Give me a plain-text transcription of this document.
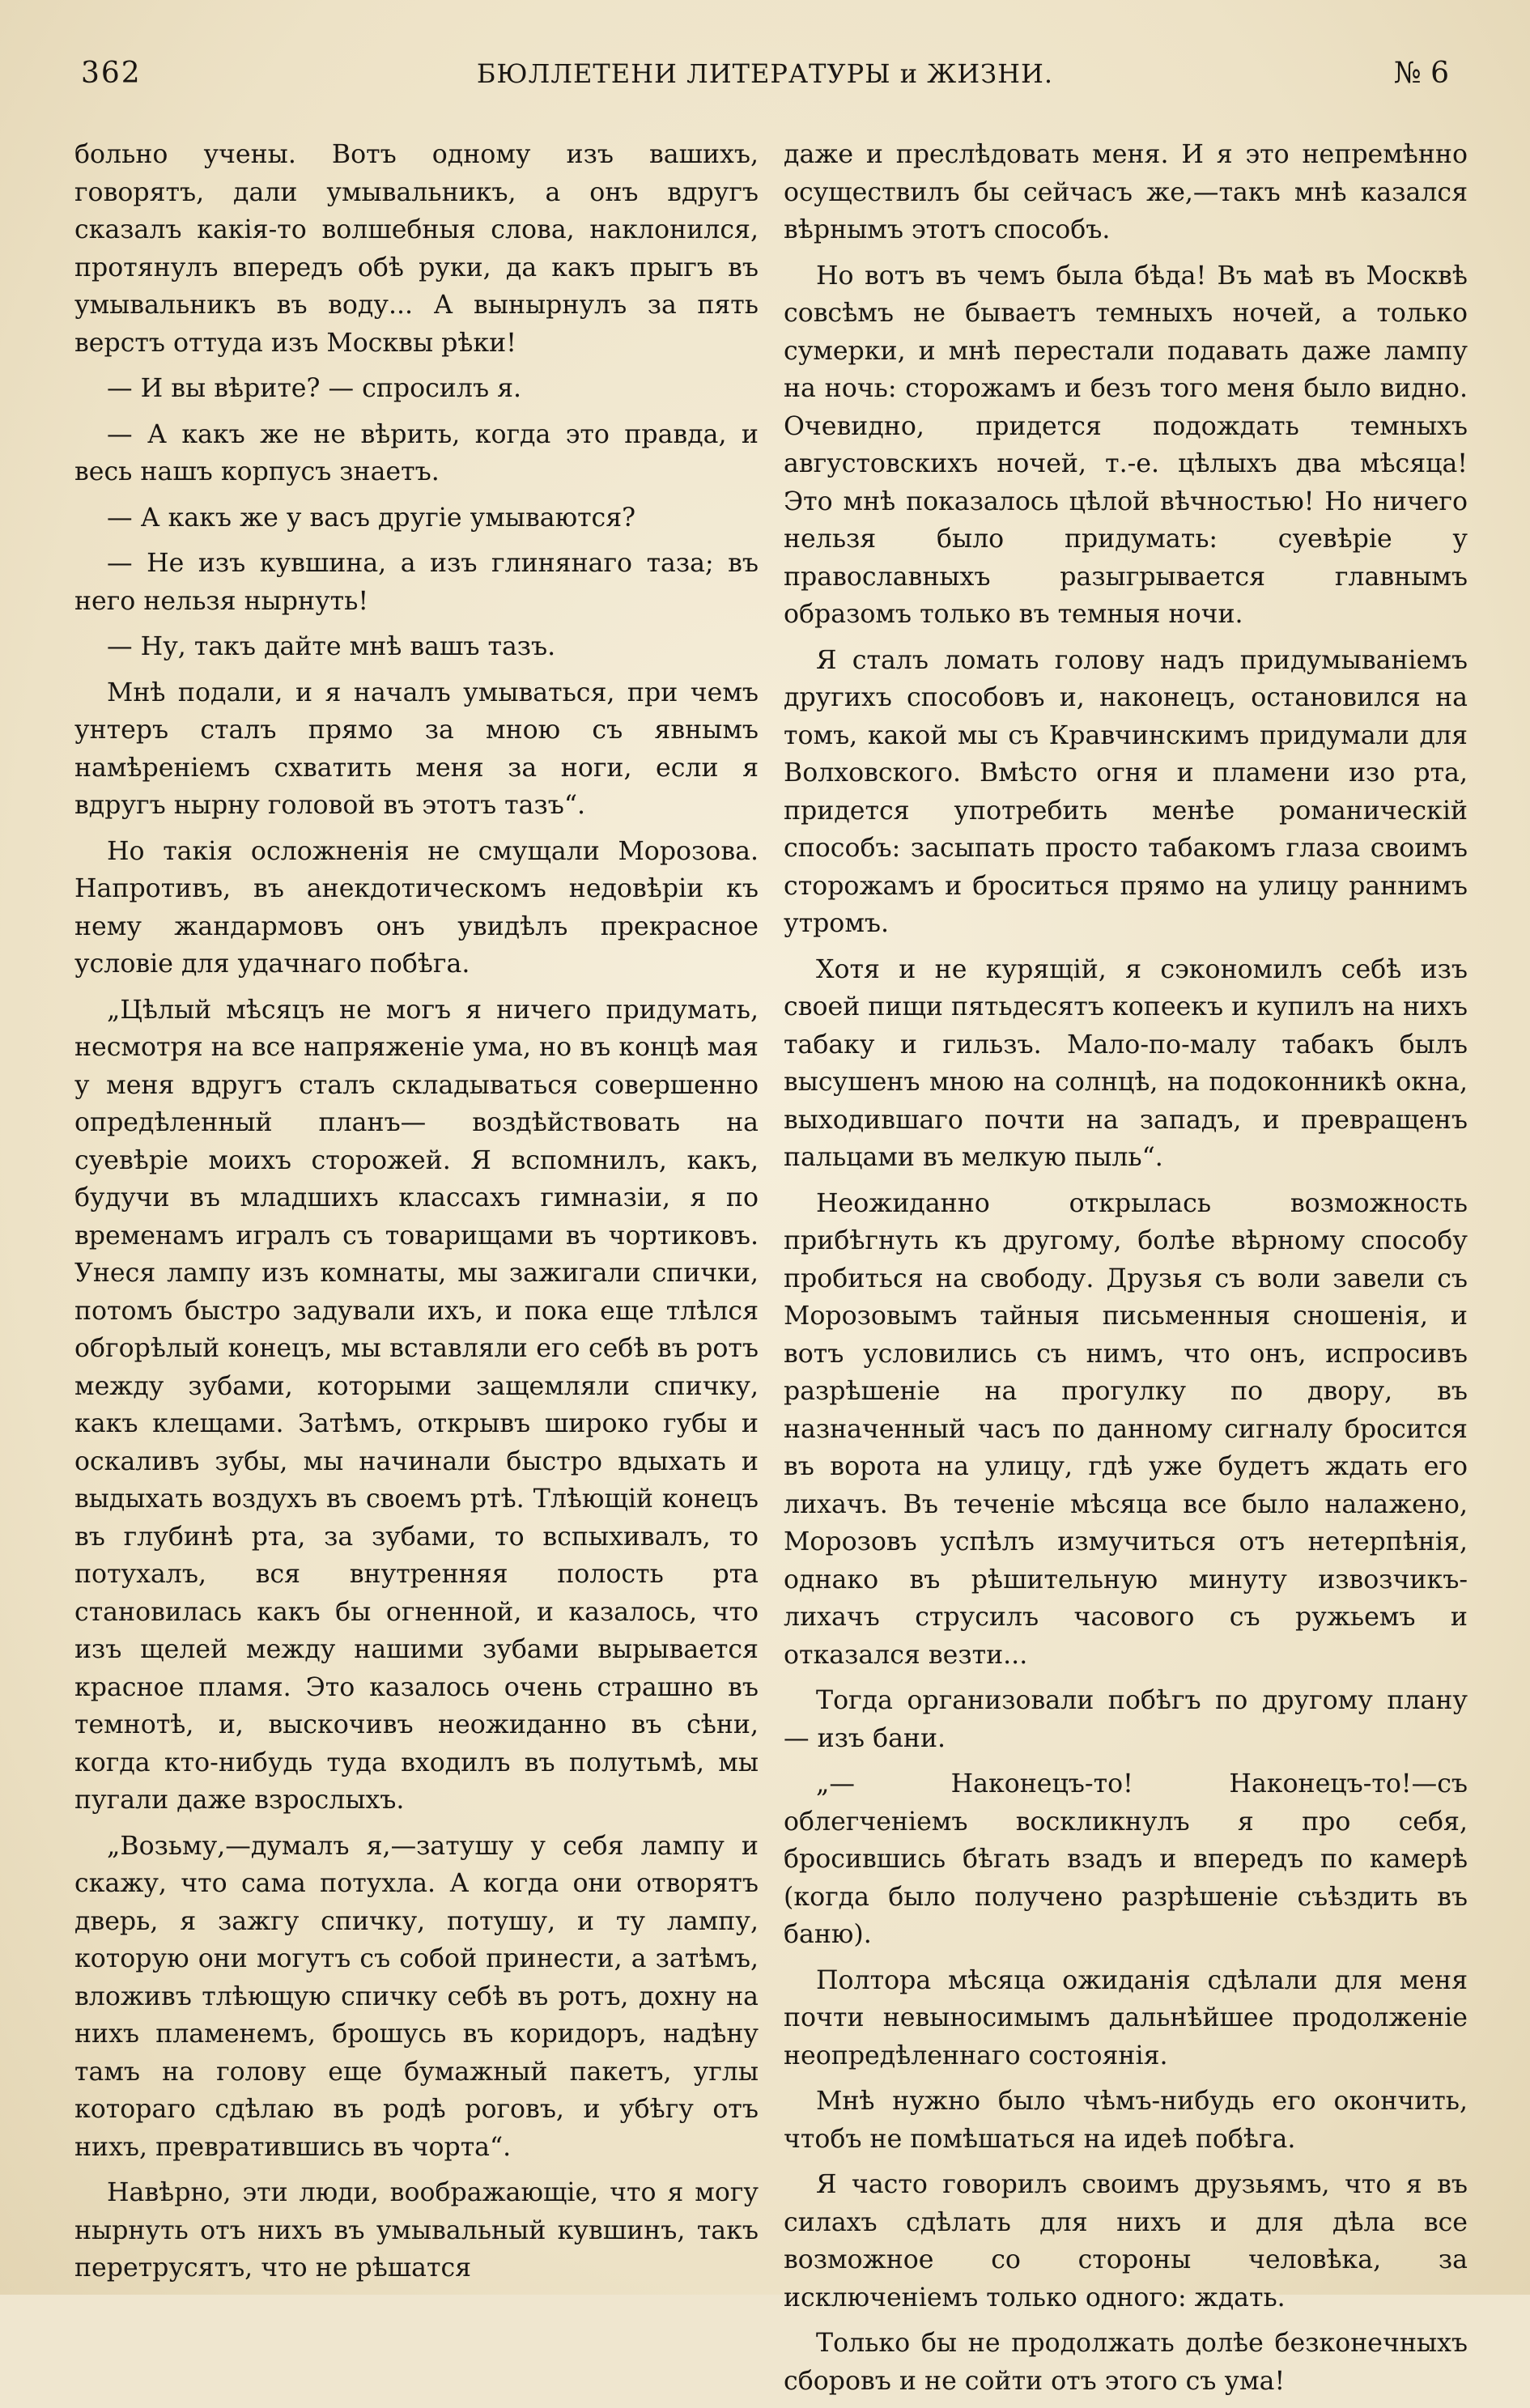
362	БЮЛЛЕТЕНИ ЛИТЕРАТУРЫ и ЖИЗНИ.	№ 6

больно учены. Вотъ одному изъ вашихъ, говорятъ, дали умывальникъ, а онъ вдругъ сказалъ какія-то волшебныя слова, наклонился, протянулъ впередъ обѣ руки, да какъ прыгъ въ умывальникъ въ воду... А вынырнулъ за пять верстъ оттуда изъ Москвы рѣки!

— И вы вѣрите? — спросилъ я.

— А какъ же не вѣрить, когда это правда, и весь нашъ корпусъ знаетъ.

— А какъ же у васъ другіе умываются?

— Не изъ кувшина, а изъ глинянаго таза; въ него нельзя нырнуть!

— Ну, такъ дайте мнѣ вашъ тазъ.

Мнѣ подали, и я началъ умываться, при чемъ унтеръ сталъ прямо за мною съ явнымъ намѣреніемъ схватить меня за ноги, если я вдругъ нырну головой въ этотъ тазъ“.

Но такія осложненія не смущали Морозова. Напротивъ, въ анекдотическомъ недовѣріи къ нему жандармовъ онъ увидѣлъ прекрасное условіе для удачнаго побѣга.

„Цѣлый мѣсяцъ не могъ я ничего придумать, несмотря на все напряженіе ума, но въ концѣ мая у меня вдругъ сталъ складываться совершенно опредѣленный планъ— воздѣйствовать на суевѣріе моихъ сторожей. Я вспомнилъ, какъ, будучи въ младшихъ классахъ гимназіи, я по временамъ игралъ съ товарищами въ чортиковъ. Унеся лампу изъ комнаты, мы зажигали спички, потомъ быстро задували ихъ, и пока еще тлѣлся обгорѣлый конецъ, мы вставляли его себѣ въ ротъ между зубами, которыми защемляли спичку, какъ клещами. Затѣмъ, открывъ широко губы и оскаливъ зубы, мы начинали быстро вдыхать и выдыхать воздухъ въ своемъ ртѣ. Тлѣющій конецъ въ глубинѣ рта, за зубами, то вспыхивалъ, то потухалъ, вся внутренняя полость рта становилась какъ бы огненной, и казалось, что изъ щелей между нашими зубами вырывается красное пламя. Это казалось очень страшно въ темнотѣ, и, выскочивъ неожиданно въ сѣни, когда кто-нибудь туда входилъ въ полутьмѣ, мы пугали даже взрослыхъ.

„Возьму,—думалъ я,—затушу у себя лампу и скажу, что сама потухла. А когда они отворятъ дверь, я зажгу спичку, потушу, и ту лампу, которую они могутъ съ собой принести, а затѣмъ, вложивъ тлѣющую спичку себѣ въ ротъ, дохну на нихъ пламенемъ, брошусь въ коридоръ, надѣну тамъ на голову еще бумажный пакетъ, углы котораго сдѣлаю въ родѣ роговъ, и убѣгу отъ нихъ, превратившись въ чорта“.

Навѣрно, эти люди, воображающіе, что я могу нырнуть отъ нихъ въ умывальный кувшинъ, такъ перетрусятъ, что не рѣшатся

даже и преслѣдовать меня. И я это непремѣнно осуществилъ бы сейчасъ же,—такъ мнѣ казался вѣрнымъ этотъ способъ.

Но вотъ въ чемъ была бѣда! Въ маѣ въ Москвѣ совсѣмъ не бываетъ темныхъ ночей, а только сумерки, и мнѣ перестали подавать даже лампу на ночь: сторожамъ и безъ того меня было видно. Очевидно, придется подождать темныхъ августовскихъ ночей, т.-е. цѣлыхъ два мѣсяца! Это мнѣ показалось цѣлой вѣчностью! Но ничего нельзя было придумать: суевѣріе у православныхъ разыгрывается главнымъ образомъ только въ темныя ночи.

Я сталъ ломать голову надъ придумываніемъ другихъ способовъ и, наконецъ, остановился на томъ, какой мы съ Кравчинскимъ придумали для Волховского. Вмѣсто огня и пламени изо рта, придется употребить менѣе романическій способъ: засыпать просто табакомъ глаза своимъ сторожамъ и броситься прямо на улицу раннимъ утромъ.

Хотя и не курящій, я сэкономилъ себѣ изъ своей пищи пятьдесятъ копеекъ и купилъ на нихъ табаку и гильзъ. Мало-по-малу табакъ былъ высушенъ мною на солнцѣ, на подоконникѣ окна, выходившаго почти на западъ, и превращенъ пальцами въ мелкую пыль“.

Неожиданно открылась возможность прибѣгнуть къ другому, болѣе вѣрному способу пробиться на свободу. Друзья съ воли завели съ Морозовымъ тайныя письменныя сношенія, и вотъ условились съ нимъ, что онъ, испросивъ разрѣшеніе на прогулку по двору, въ назначенный часъ по данному сигналу бросится въ ворота на улицу, гдѣ уже будетъ ждать его лихачъ. Въ теченіе мѣсяца все было налажено, Морозовъ успѣлъ измучиться отъ нетерпѣнія, однако въ рѣшительную минуту извозчикъ-лихачъ струсилъ часового съ ружьемъ и отказался везти...

Тогда организовали побѣгъ по другому плану — изъ бани.

„— Наконецъ-то! Наконецъ-то!—съ облегченіемъ воскликнулъ я про себя, бросившись бѣгать взадъ и впередъ по камерѣ (когда было получено разрѣшеніе съѣздить въ баню).

Полтора мѣсяца ожиданія сдѣлали для меня почти невыносимымъ дальнѣйшее продолженіе неопредѣленнаго состоянія.

Мнѣ нужно было чѣмъ-нибудь его окончить, чтобъ не помѣшаться на идеѣ побѣга.

Я часто говорилъ своимъ друзьямъ, что я въ силахъ сдѣлать для нихъ и для дѣла все возможное со стороны человѣка, за исключеніемъ только одного: ждать.

Только бы не продолжать долѣе безконечныхъ сборовъ и не сойти отъ этого съ ума!
